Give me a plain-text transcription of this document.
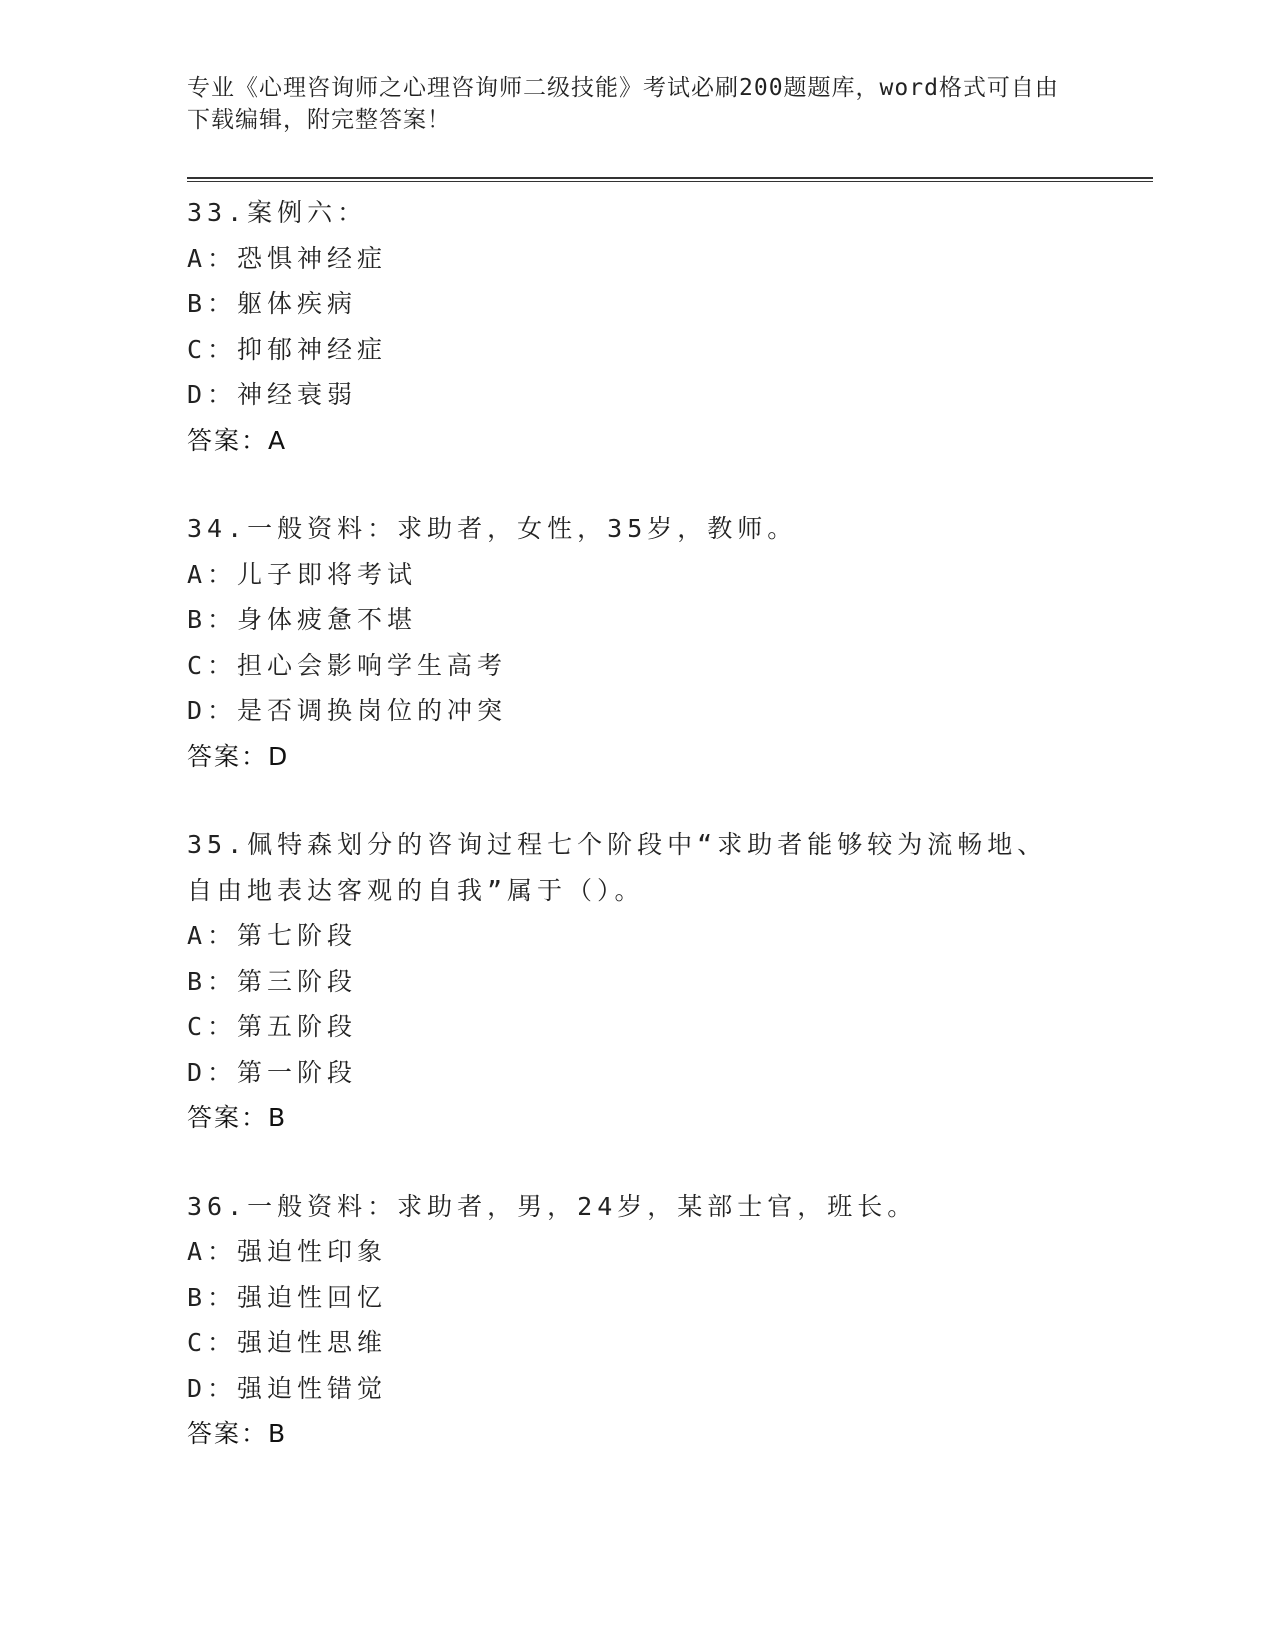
专业《心理咨询师之心理咨询师二级技能》考试必刷200题题库，word格式可自由下载编辑，附完整答案！
33.案例六：
A：恐惧神经症
B：躯体疾病
C：抑郁神经症
D：神经衰弱
答案：A
34.一般资料：求助者，女性，35岁，教师。
A：儿子即将考试
B：身体疲惫不堪
C：担心会影响学生高考
D：是否调换岗位的冲突
答案：D
35.佩特森划分的咨询过程七个阶段中“求助者能够较为流畅地、自由地表达客观的自我”属于（）。
A：第七阶段
B：第三阶段
C：第五阶段
D：第一阶段
答案：B
36.一般资料：求助者，男，24岁，某部士官，班长。
A：强迫性印象
B：强迫性回忆
C：强迫性思维
D：强迫性错觉
答案：B
